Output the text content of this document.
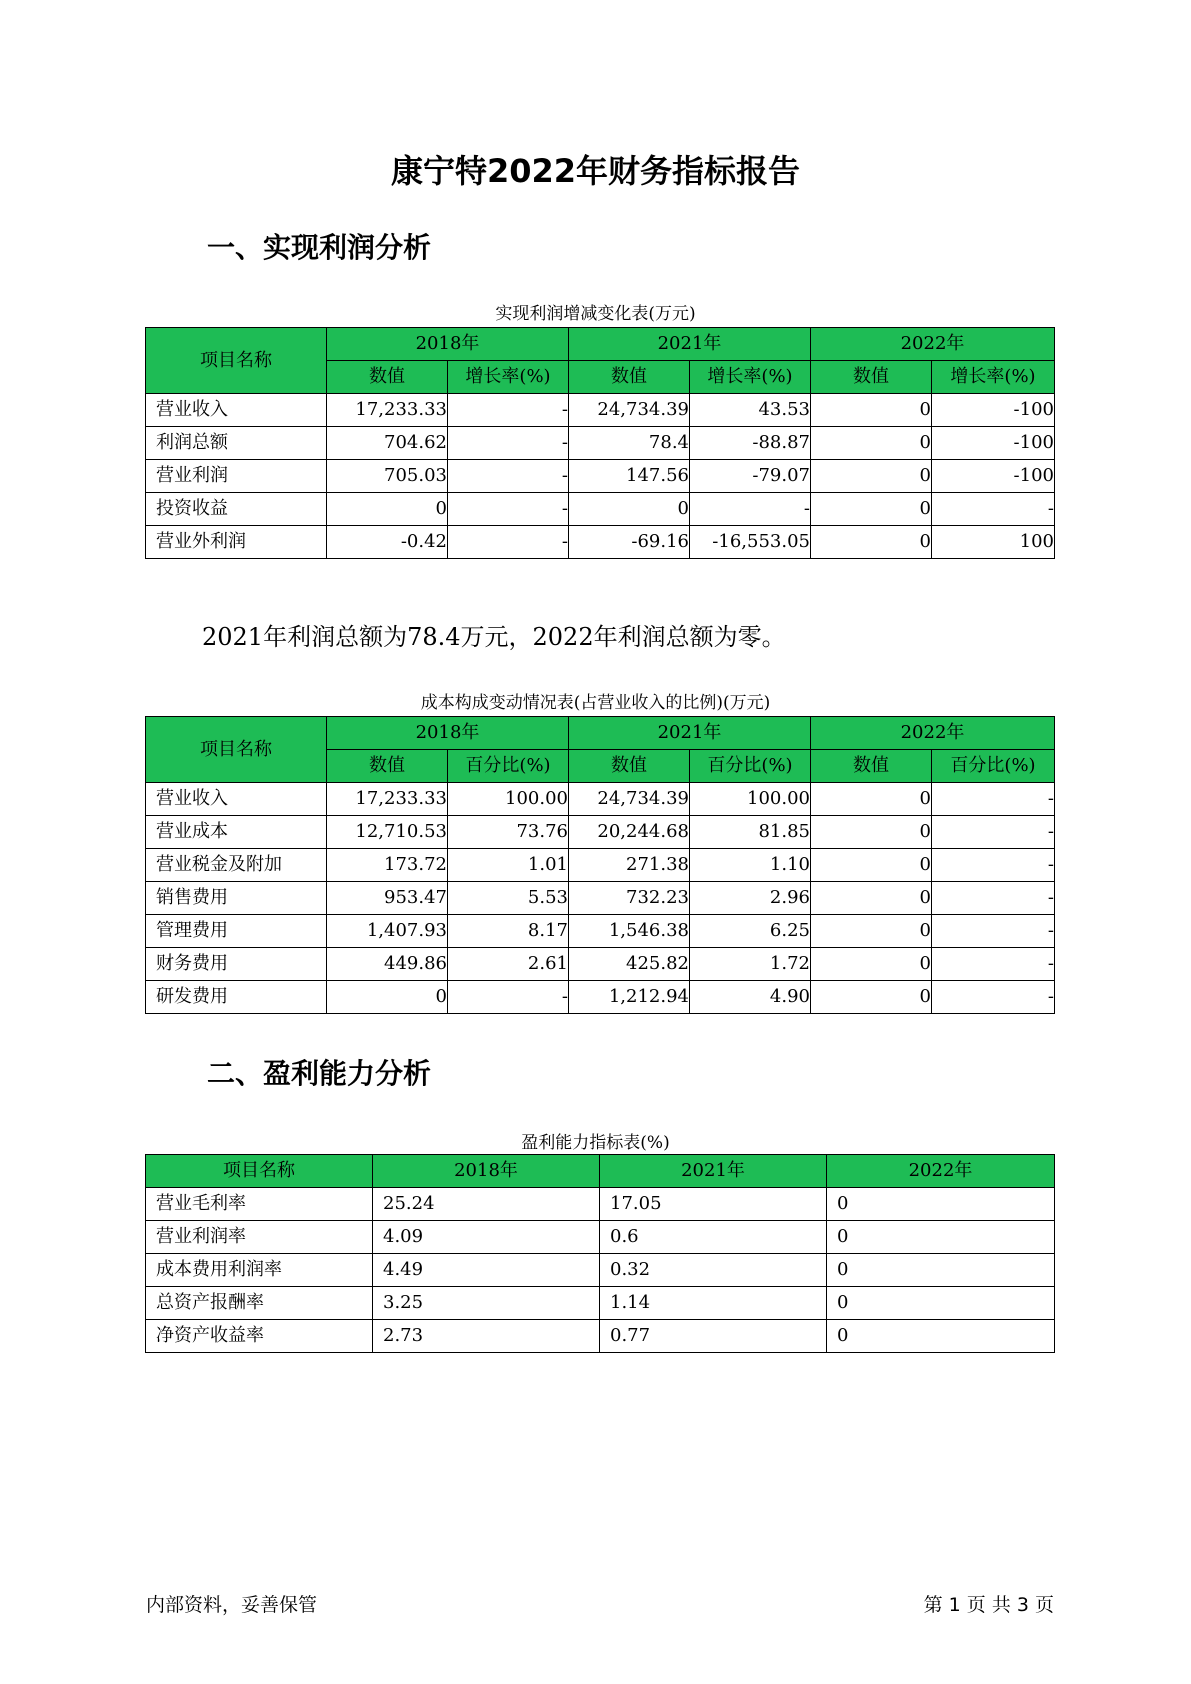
康宁特2022年财务指标报告
一、实现利润分析
实现利润增减变化表(万元)
项目名称	2018年		2021年		2022年	
	数值	增长率(%)	数值	增长率(%)	数值	增长率(%)
营业收入	17,233.33	-	24,734.39	43.53	0	-100
利润总额	704.62	-	78.4	-88.87	0	-100
营业利润	705.03	-	147.56	-79.07	0	-100
投资收益	0	-	0	-	0	-
营业外利润	-0.42	-	-69.16	-16,553.05	0	100
2021年利润总额为78.4万元，2022年利润总额为零。
成本构成变动情况表(占营业收入的比例)(万元)
项目名称	2018年		2021年		2022年	
	数值	百分比(%)	数值	百分比(%)	数值	百分比(%)
营业收入	17,233.33	100.00	24,734.39	100.00	0	-
营业成本	12,710.53	73.76	20,244.68	81.85	0	-
营业税金及附加	173.72	1.01	271.38	1.10	0	-
销售费用	953.47	5.53	732.23	2.96	0	-
管理费用	1,407.93	8.17	1,546.38	6.25	0	-
财务费用	449.86	2.61	425.82	1.72	0	-
研发费用	0	-	1,212.94	4.90	0	-
二、盈利能力分析
盈利能力指标表(%)
项目名称	2018年	2021年	2022年
营业毛利率	25.24	17.05	0
营业利润率	4.09	0.6	0
成本费用利润率	4.49	0.32	0
总资产报酬率	3.25	1.14	0
净资产收益率	2.73	0.77	0
内部资料，妥善保管	第 1 页 共 3 页
